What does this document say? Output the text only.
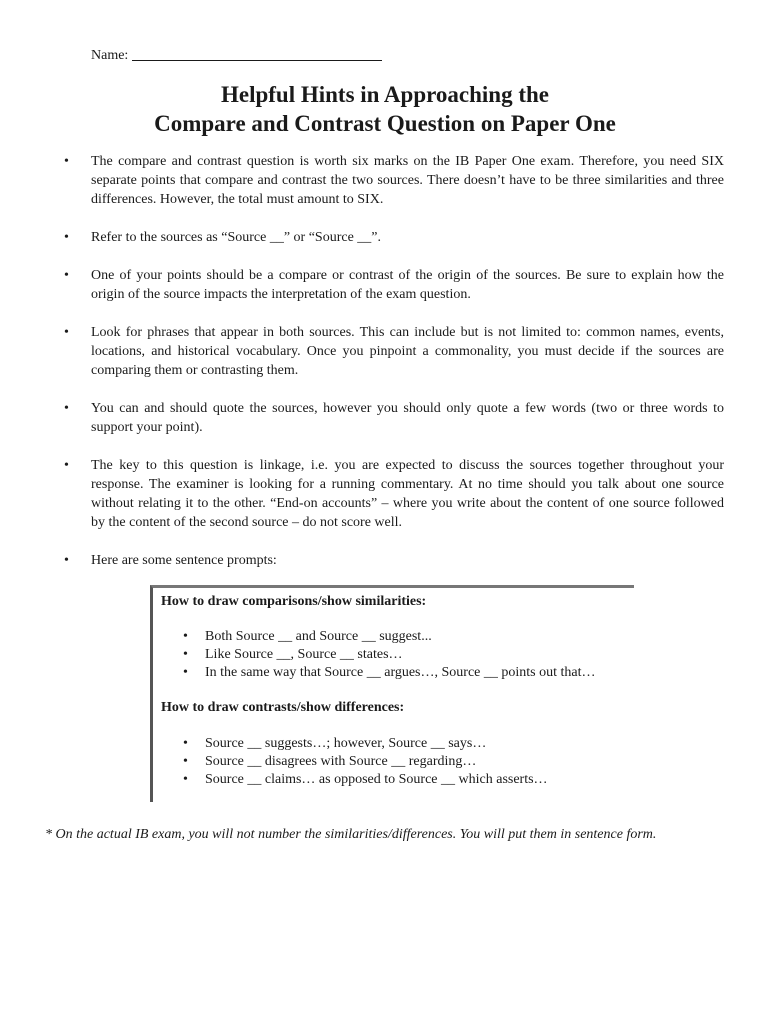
Name:
Helpful Hints in Approaching the
Compare and Contrast Question on Paper One
• The compare and contrast question is worth six marks on the IB Paper One exam. Therefore, you need SIX separate points that compare and contrast the two sources. There doesn’t have to be three similarities and three differences. However, the total must amount to SIX.
• Refer to the sources as “Source __” or “Source __”.
• One of your points should be a compare or contrast of the origin of the sources. Be sure to explain how the origin of the source impacts the interpretation of the exam question.
• Look for phrases that appear in both sources. This can include but is not limited to: common names, events, locations, and historical vocabulary. Once you pinpoint a commonality, you must decide if the sources are comparing them or contrasting them.
• You can and should quote the sources, however you should only quote a few words (two or three words to support your point).
• The key to this question is linkage, i.e. you are expected to discuss the sources together throughout your response. The examiner is looking for a running commentary. At no time should you talk about one source without relating it to the other. “End-on accounts” – where you write about the content of one source followed by the content of the second source – do not score well.
• Here are some sentence prompts:
How to draw comparisons/show similarities:
• Both Source __ and Source __ suggest...
• Like Source __, Source __ states…
• In the same way that Source __ argues…, Source __ points out that…
How to draw contrasts/show differences:
• Source __ suggests…; however, Source __ says…
• Source __ disagrees with Source __ regarding…
• Source __ claims… as opposed to Source __ which asserts…
* On the actual IB exam, you will not number the similarities/differences. You will put them in sentence form.
